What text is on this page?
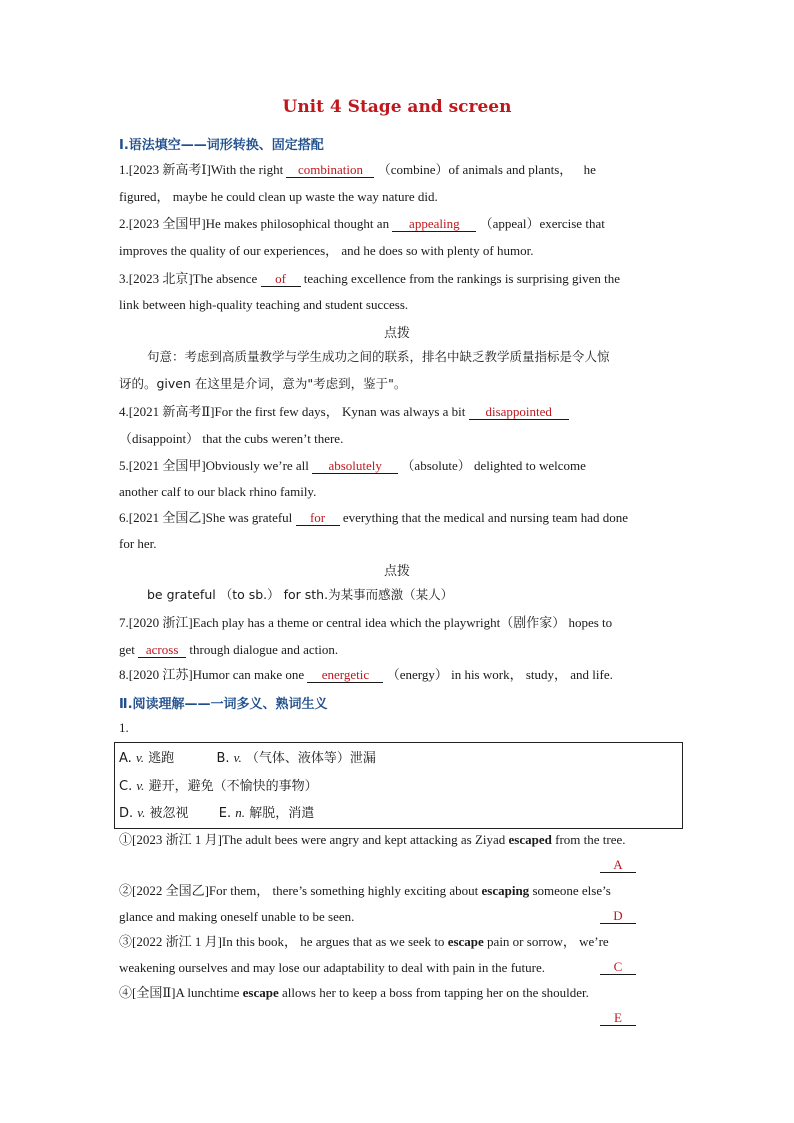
Unit 4 Stage and screen
Ⅰ.语法填空——词形转换、固定搭配
1.[2023 新高考Ⅰ]With the right combination （combine）of animals and plants， he
figured， maybe he could clean up waste the way nature did.
2.[2023 全国甲]He makes philosophical thought an appealing （appeal）exercise that
improves the quality of our experiences， and he does so with plenty of humor.
3.[2023 北京]The absence of teaching excellence from the rankings is surprising given the
link between high-quality teaching and student success.
点拨
句意：考虑到高质量教学与学生成功之间的联系，排名中缺乏教学质量指标是令人惊
讶的。given 在这里是介词，意为"考虑到，鉴于"。
4.[2021 新高考Ⅱ]For the first few days， Kynan was always a bit disappointed
（disappoint） that the cubs weren’t there.
5.[2021 全国甲]Obviously we’re all absolutely （absolute） delighted to welcome
another calf to our black rhino family.
6.[2021 全国乙]She was grateful for everything that the medical and nursing team had done
for her.
点拨
be grateful （to sb.） for sth.为某事而感激（某人）
7.[2020 浙江]Each play has a theme or central idea which the playwright（剧作家） hopes to
get across through dialogue and action.
8.[2020 江苏]Humor can make one energetic （energy） in his work， study， and life.
Ⅱ.阅读理解——一词多义、熟词生义
1.
A. v. 逃跑	B. v. （气体、液体等）泄漏
C. v. 避开，避免（不愉快的事物）
D. v. 被忽视 E. n. 解脱，消遣
①[2023 浙江 1 月]The adult bees were angry and kept attacking as Ziyad escaped from the tree.
A
②[2022 全国乙]For them， there’s something highly exciting about escaping someone else’s
glance and making oneself unable to be seen.	D
③[2022 浙江 1 月]In this book， he argues that as we seek to escape pain or sorrow， we’re
weakening ourselves and may lose our adaptability to deal with pain in the future.	C
④[全国Ⅱ]A lunchtime escape allows her to keep a boss from tapping her on the shoulder.
E
